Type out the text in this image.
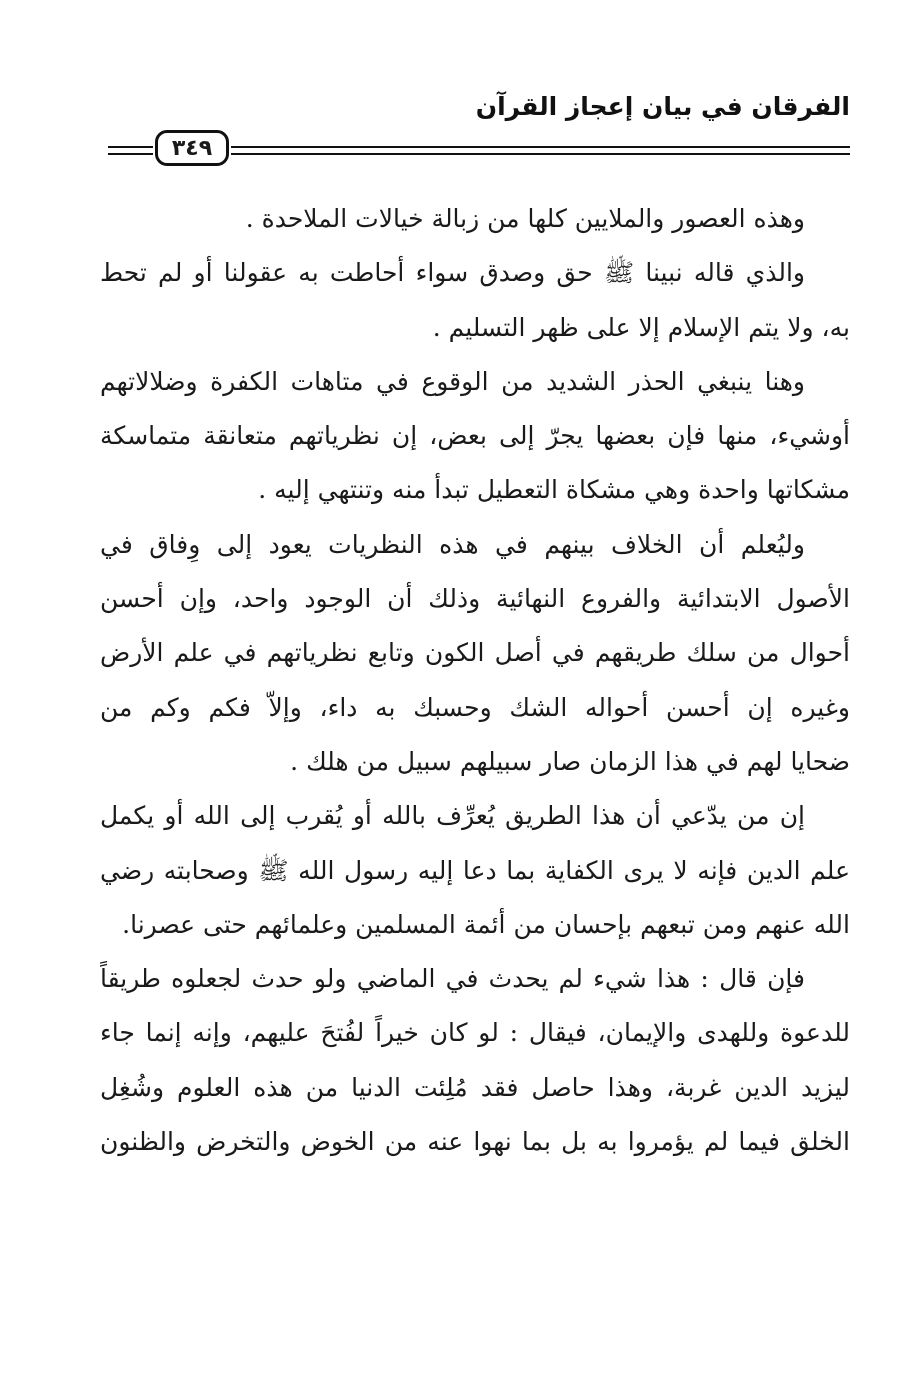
الفرقان في بيان إعجاز القرآن
٣٤٩
وهذه العصور والملايين كلها من زبالة خيالات الملاحدة .
والذي قاله نبينا ﷺ حق وصدق سواء أحاطت به عقولنا أو لم تحط
به، ولا يتم الإسلام إلا على ظهر التسليم .
وهنا ينبغي الحذر الشديد من الوقوع في متاهات الكفرة وضلالاتهم
أوشيء، منها فإن بعضها يجرّ إلى بعض، إن نظرياتهم متعانقة متماسكة
مشكاتها واحدة وهي مشكاة التعطيل تبدأ منه وتنتهي إليه .
وليُعلم أن الخلاف بينهم في هذه النظريات يعود إلى وِفاق في
الأصول الابتدائية والفروع النهائية وذلك أن الوجود واحد، وإن أحسن
أحوال من سلك طريقهم في أصل الكون وتابع نظرياتهم في علم الأرض
وغيره إن أحسن أحواله الشك وحسبك به داء، وإلاّ فكم وكم من
ضحايا لهم في هذا الزمان صار سبيلهم سبيل من هلك .
إن من يدّعي أن هذا الطريق يُعرِّف بالله أو يُقرب إلى الله أو يكمل
علم الدين فإنه لا يرى الكفاية بما دعا إليه رسول الله ﷺ وصحابته رضي
الله عنهم ومن تبعهم بإحسان من أئمة المسلمين وعلمائهم حتى عصرنا.
فإن قال : هذا شيء لم يحدث في الماضي ولو حدث لجعلوه طريقاً
للدعوة وللهدى والإيمان، فيقال : لو كان خيراً لفُتحَ عليهم، وإنه إنما جاء
ليزيد الدين غربة، وهذا حاصل فقد مُلِئت الدنيا من هذه العلوم وشُغِل
الخلق فيما لم يؤمروا به بل بما نهوا عنه من الخوض والتخرض والظنون
